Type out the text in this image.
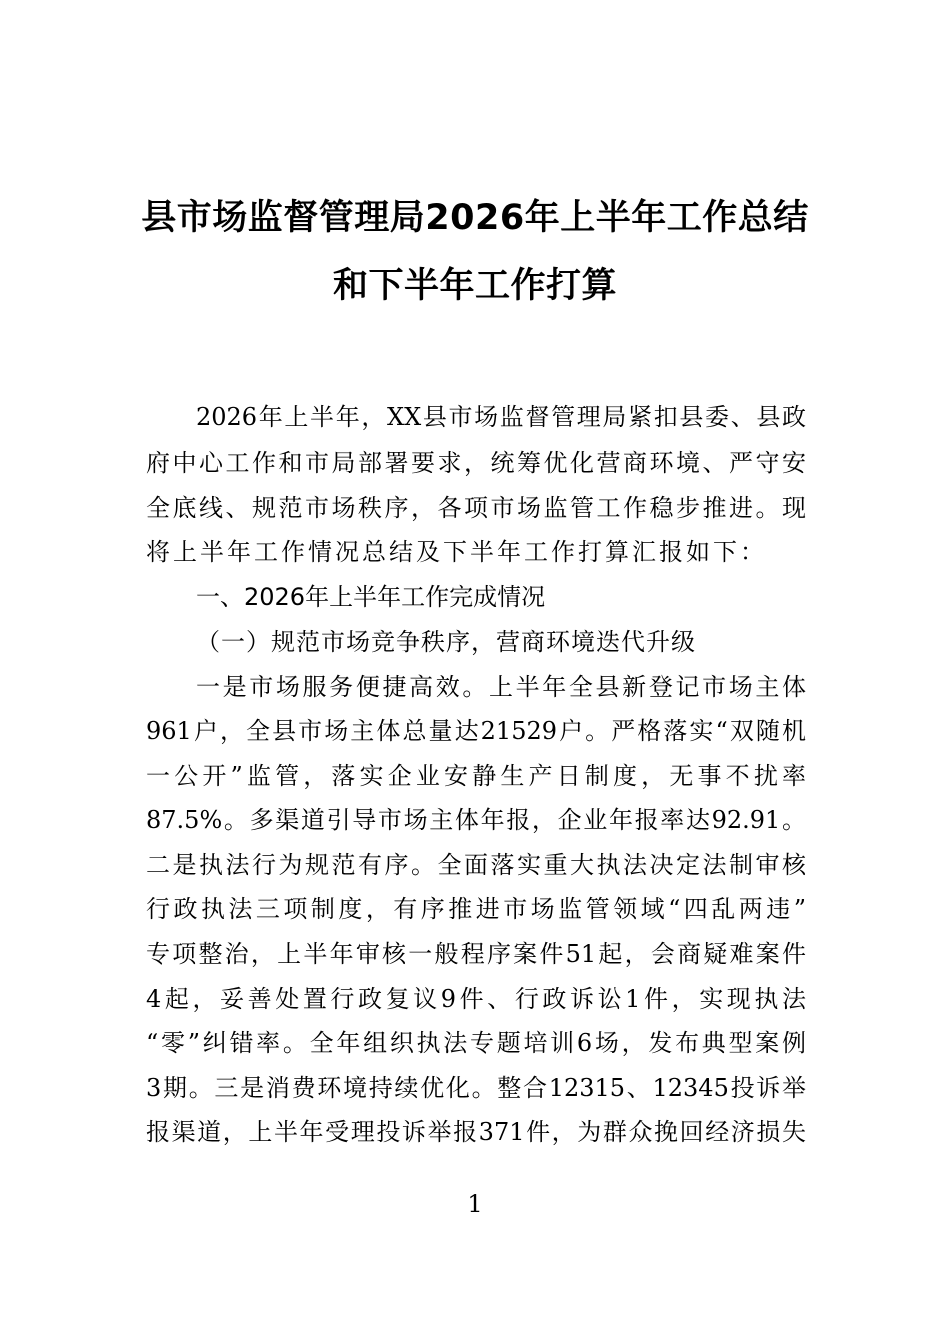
县市场监督管理局2026年上半年工作总结
和下半年工作打算
2026年上半年，XX县市场监督管理局紧扣县委、县政
府中心工作和市局部署要求，统筹优化营商环境、严守安
全底线、规范市场秩序，各项市场监管工作稳步推进。现
将上半年工作情况总结及下半年工作打算汇报如下：
一、2026年上半年工作完成情况
（一）规范市场竞争秩序，营商环境迭代升级
一是市场服务便捷高效。上半年全县新登记市场主体
961户，全县市场主体总量达21529户。严格落实“双随机
一公开”监管，落实企业安静生产日制度，无事不扰率
87.5%。多渠道引导市场主体年报，企业年报率达92.91。
二是执法行为规范有序。全面落实重大执法决定法制审核
行政执法三项制度，有序推进市场监管领域“四乱两违”
专项整治，上半年审核一般程序案件51起，会商疑难案件
4起，妥善处置行政复议9件、行政诉讼1件，实现执法
“零”纠错率。全年组织执法专题培训6场，发布典型案例
3期。三是消费环境持续优化。整合12315、12345投诉举
报渠道，上半年受理投诉举报371件，为群众挽回经济损失
1
